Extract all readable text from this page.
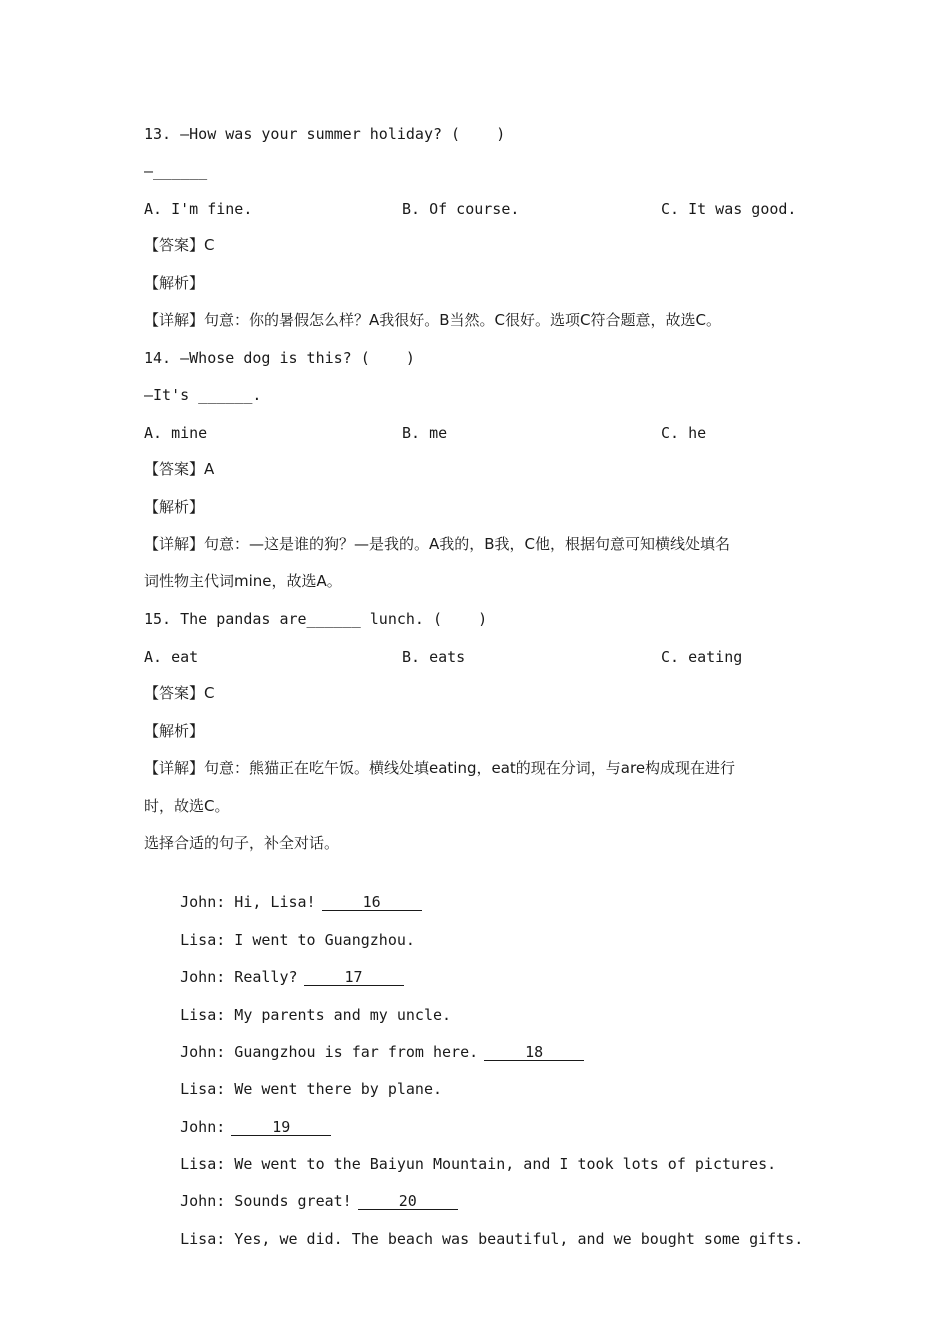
13. —How was your summer holiday? (    )
—______
A. I'm fine.	B. Of course.	C. It was good.
【答案】C
【解析】
【详解】句意：你的暑假怎么样？A我很好。B当然。C很好。选项C符合题意，故选C。
14. —Whose dog is this? (    )
—It's ______.
A. mine	B. me	C. he
【答案】A
【解析】
【详解】句意：—这是谁的狗？—是我的。A我的，B我，C他，根据句意可知横线处填名
词性物主代词mine，故选A。
15. The pandas are______ lunch. (    )
A. eat	B. eats	C. eating
【答案】C
【解析】
【详解】句意：熊猫正在吃午饭。横线处填eating，eat的现在分词，与are构成现在进行
时，故选C。
选择合适的句子，补全对话。

John: Hi, Lisa!	16

Lisa: I went to Guangzhou.

John: Really?	17

Lisa: My parents and my uncle.

John: Guangzhou is far from here.	18

Lisa: We went there by plane.

John:	19

Lisa: We went to the Baiyun Mountain, and I took lots of pictures.

John: Sounds great!	20

Lisa: Yes, we did. The beach was beautiful, and we bought some gifts.
